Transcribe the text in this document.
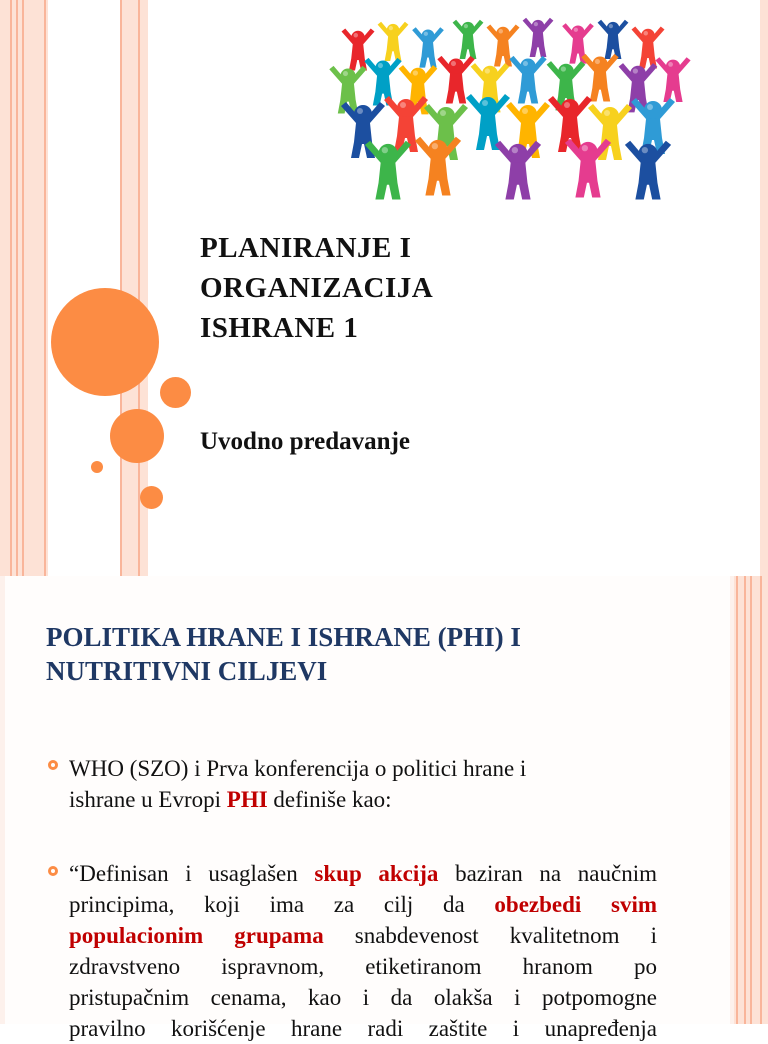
PLANIRANJE I
ORGANIZACIJA
ISHRANE 1
Uvodno predavanje
POLITIKA HRANE I ISHRANE (PHI) I
NUTRITIVNI CILJEVI

WHO (SZO) i Prva konferencija o politici hrane i
ishrane u Evropi PHI definiše kao:

“Definisan i usaglašen skup akcija baziran na naučnim
principima, koji ima za cilj da obezbedi svim
populacionim grupama snabdevenost kvalitetnom i
zdravstveno ispravnom, etiketiranom hranom po
pristupačnim cenama, kao i da olakša i potpomogne
pravilno korišćenje hrane radi zaštite i unapređenja
